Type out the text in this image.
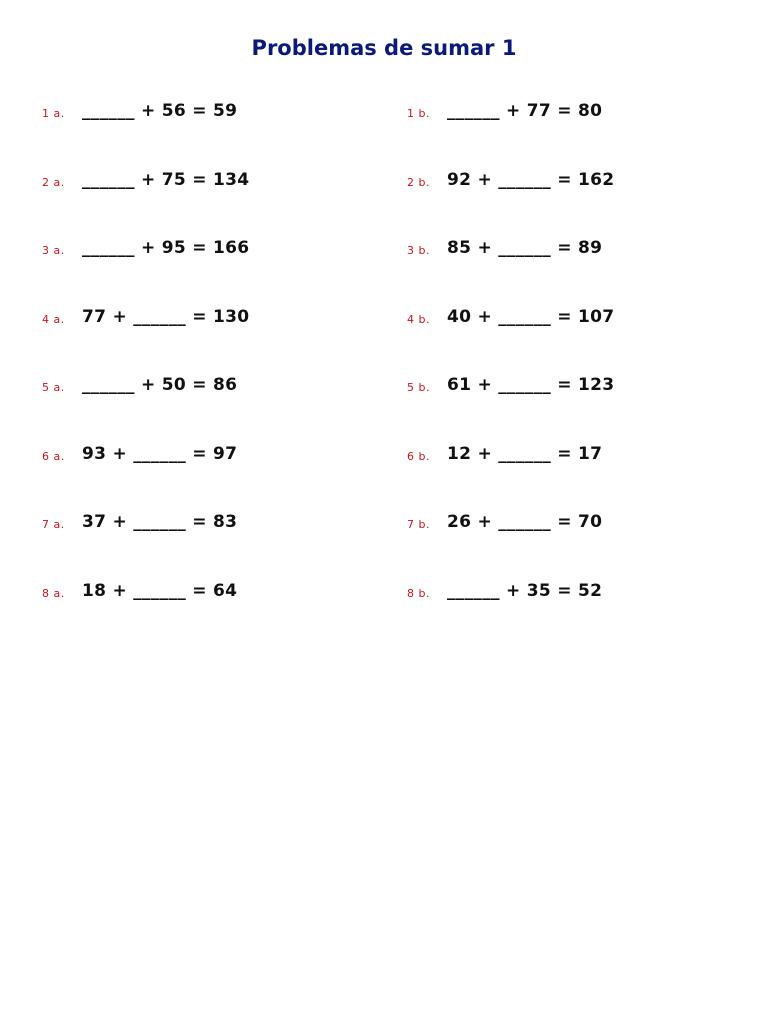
Problemas de sumar 1
1 a.	______ + 56 = 59
2 a.	______ + 75 = 134
3 a.	______ + 95 = 166
4 a.	77 + ______ = 130
5 a.	______ + 50 = 86
6 a.	93 + ______ = 97
7 a.	37 + ______ = 83
8 a.	18 + ______ = 64
1 b.	______ + 77 = 80
2 b.	92 + ______ = 162
3 b.	85 + ______ = 89
4 b.	40 + ______ = 107
5 b.	61 + ______ = 123
6 b.	12 + ______ = 17
7 b.	26 + ______ = 70
8 b.	______ + 35 = 52
